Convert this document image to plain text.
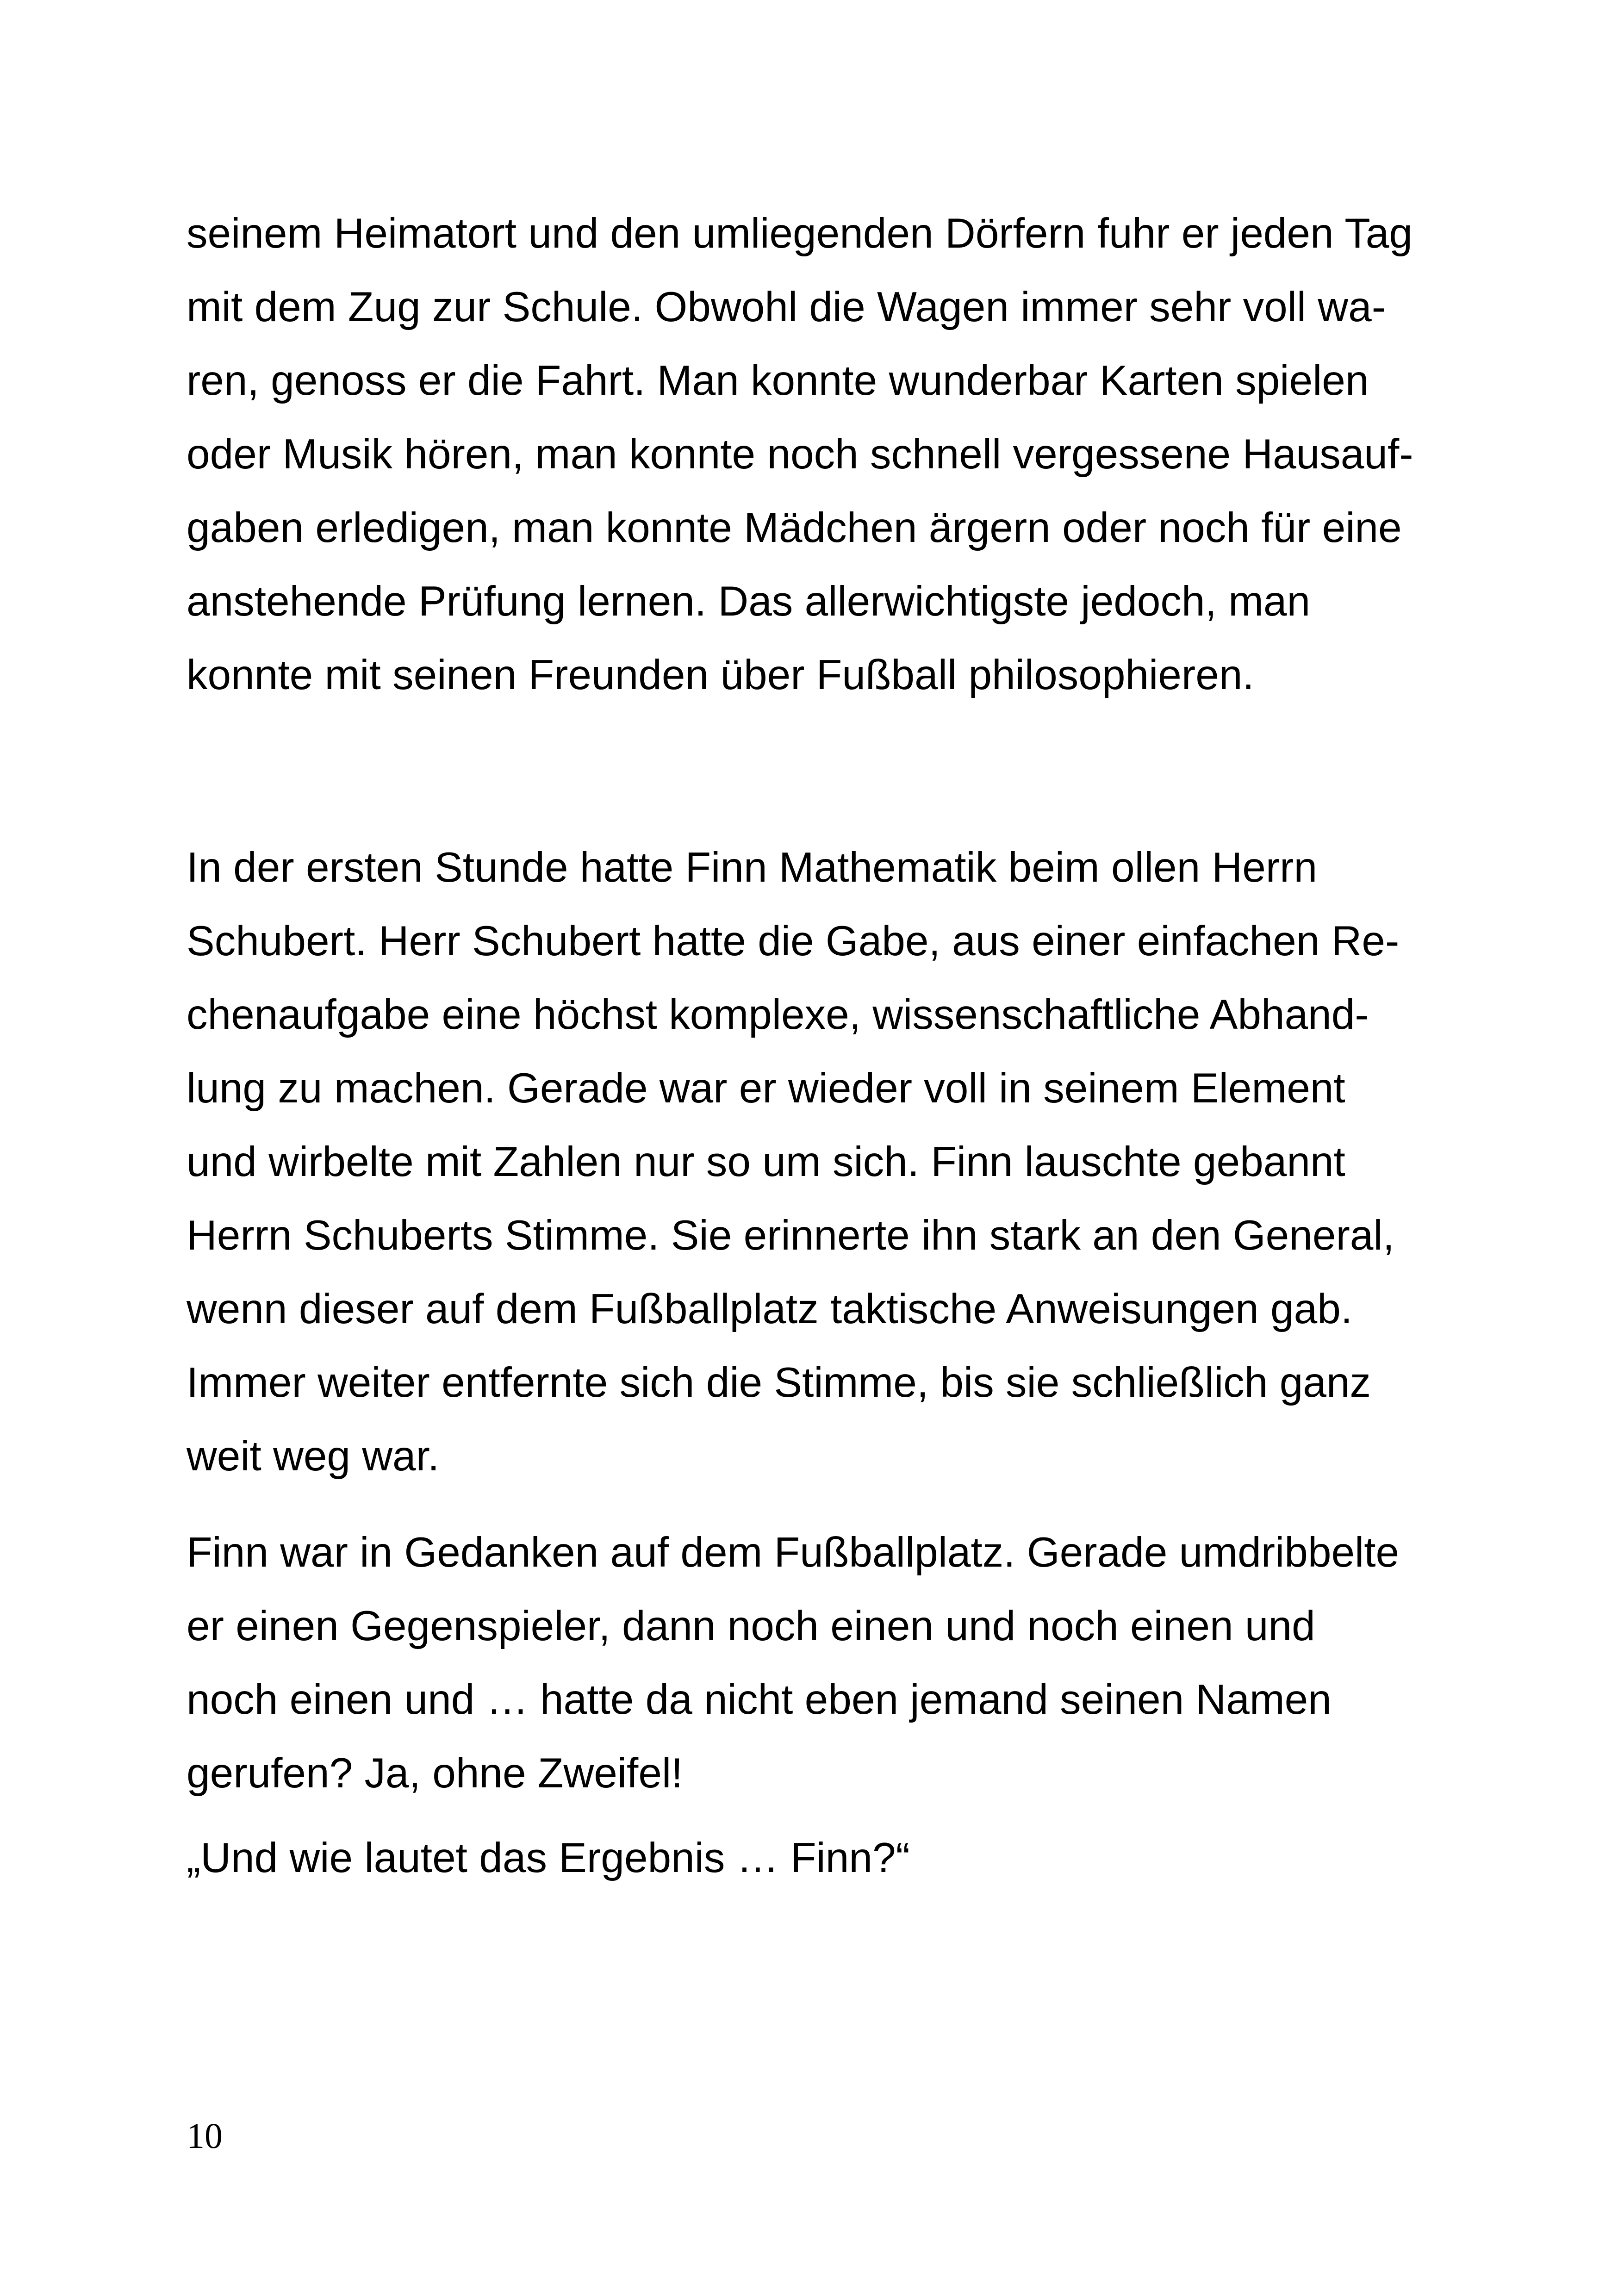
seinem Heimatort und den umliegenden Dörfern fuhr er jeden Tag mit dem Zug zur Schule. Obwohl die Wagen immer sehr voll wa-ren, genoss er die Fahrt. Man konnte wunderbar Karten spielen oder Musik hören, man konnte noch schnell vergessene Hausauf-gaben erledigen, man konnte Mädchen ärgern oder noch für eine anstehende Prüfung lernen. Das allerwichtigste jedoch, man konnte mit seinen Freunden über Fußball philosophieren.

In der ersten Stunde hatte Finn Mathematik beim ollen Herrn Schubert. Herr Schubert hatte die Gabe, aus einer einfachen Re-chenaufgabe eine höchst komplexe, wissenschaftliche Abhand-lung zu machen. Gerade war er wieder voll in seinem Element und wirbelte mit Zahlen nur so um sich. Finn lauschte gebannt Herrn Schuberts Stimme. Sie erinnerte ihn stark an den General, wenn dieser auf dem Fußballplatz taktische Anweisungen gab. Immer weiter entfernte sich die Stimme, bis sie schließlich ganz weit weg war.

Finn war in Gedanken auf dem Fußballplatz. Gerade umdribbelte er einen Gegenspieler, dann noch einen und noch einen und noch einen und … hatte da nicht eben jemand seinen Namen gerufen? Ja, ohne Zweifel!

„Und wie lautet das Ergebnis … Finn?“

10
